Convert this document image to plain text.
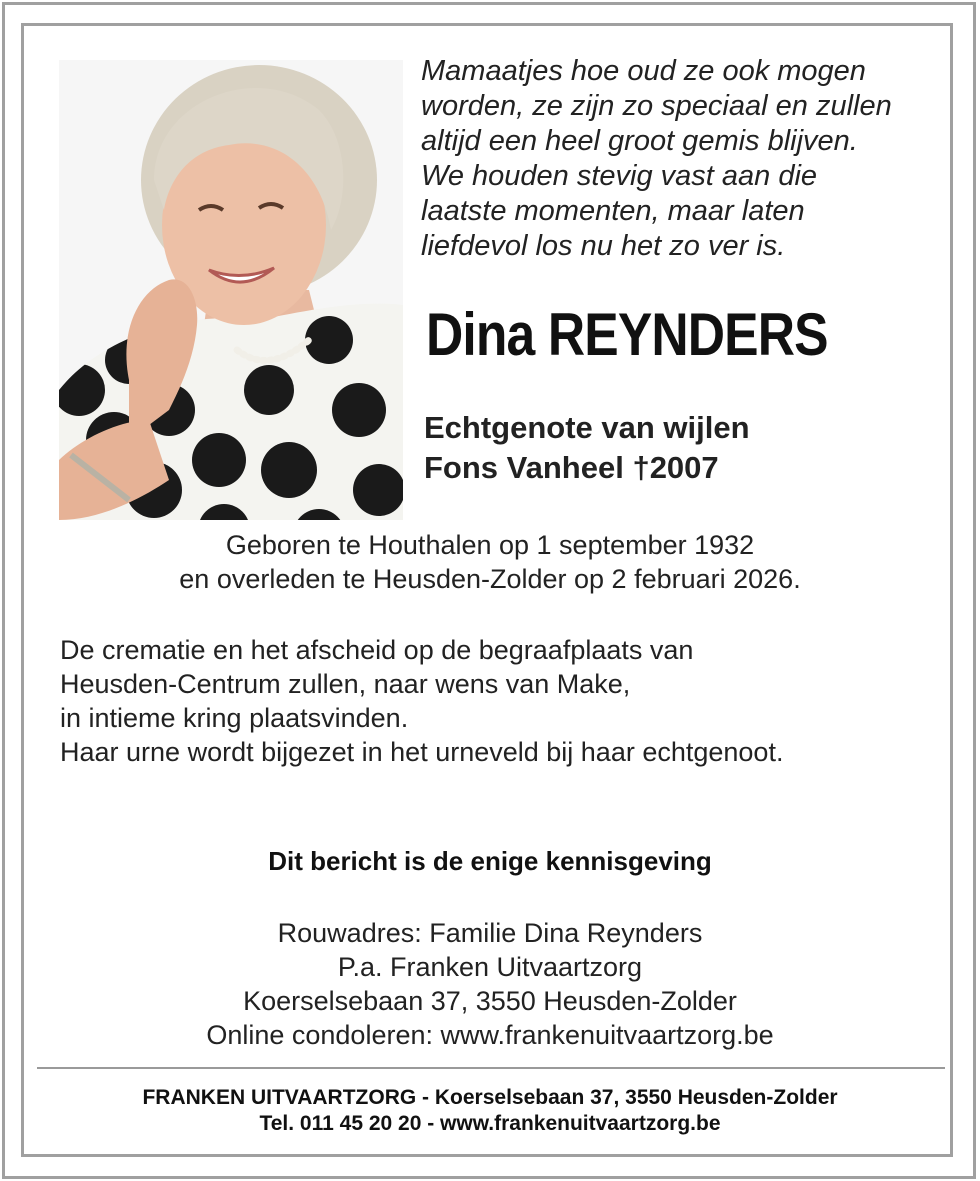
Mamaatjes hoe oud ze ook mogen
worden, ze zijn zo speciaal en zullen
altijd een heel groot gemis blijven.
We houden stevig vast aan die
laatste momenten, maar laten
liefdevol los nu het zo ver is.
Dina REYNDERS
Echtgenote van wijlen
Fons Vanheel †2007
Geboren te Houthalen op 1 september 1932
en overleden te Heusden-Zolder op 2 februari 2026.
De crematie en het afscheid op de begraafplaats van
Heusden-Centrum zullen, naar wens van Make,
in intieme kring plaatsvinden.
Haar urne wordt bijgezet in het urneveld bij haar echtgenoot.
Dit bericht is de enige kennisgeving
Rouwadres: Familie Dina Reynders
P.a. Franken Uitvaartzorg
Koerselsebaan 37, 3550 Heusden-Zolder
Online condoleren: www.frankenuitvaartzorg.be
FRANKEN UITVAARTZORG - Koerselsebaan 37, 3550 Heusden-Zolder
Tel. 011 45 20 20 - www.frankenuitvaartzorg.be
